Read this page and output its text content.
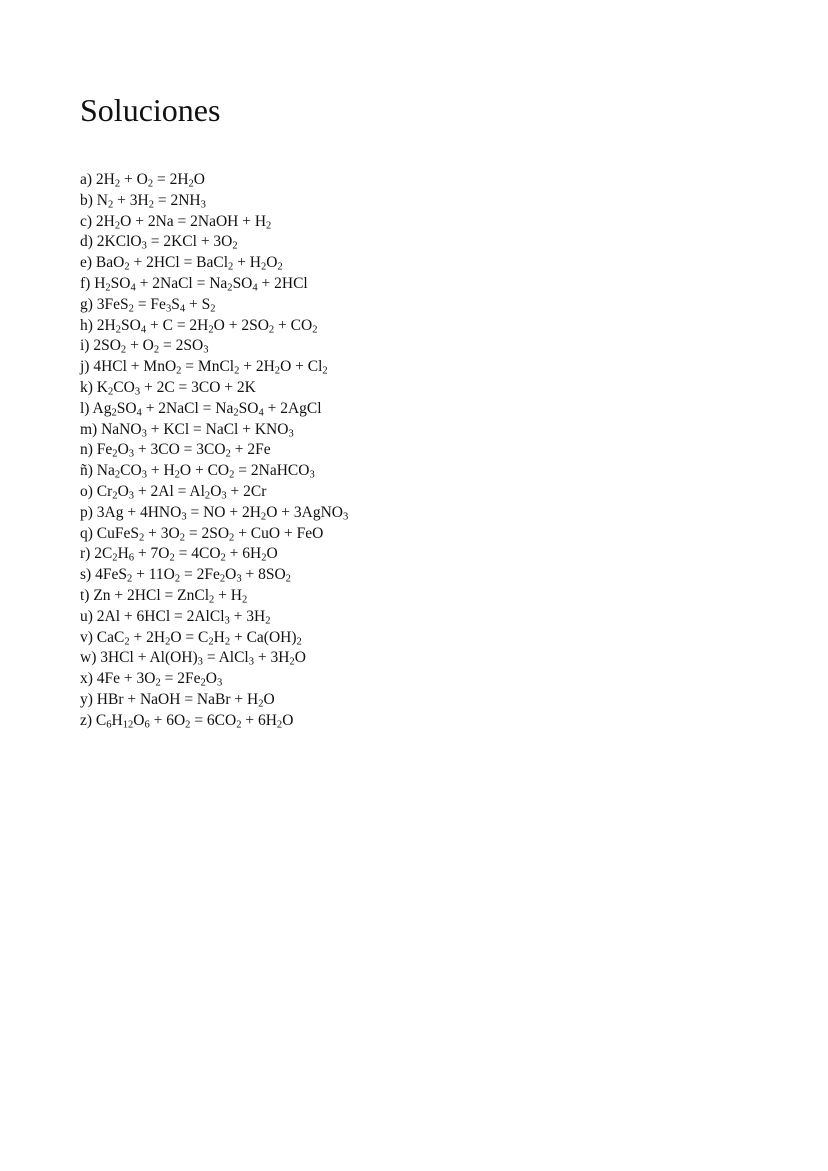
Soluciones
a) $2H_2 + O_2 = 2H_2O$
b) $N_2 + 3H_2 = 2NH_3$
c) $2H_2O + 2Na$ = 2NaOH + $H_2$
d) 2KClO$_3$ = $2KCl + 3O_2$
e) BaO$_2$ + 2HCl = BaCl$_2$ + $H_2O_2$
f) $H_2SO_4$ + 2NaCl = $Na_2SO_4 + 2HCl$
g) $3FeS_2 = Fe_3S_4 + S_2$
h) $2H_2SO_4 + C = 2H_2O + 2SO_2 + CO_2$
i) $2SO_2 + O_2 = 2SO_3$
j) 4HCl + MnO$_2$ = MnCl$_2$ + $2H_2O + Cl_2$
k) $K_2CO_3 + 2C = 3CO + 2K$
l) $Ag_2SO_4$ + 2NaCl = $Na_2SO_4$ + 2AgCl
m) NaNO$_3$ + KCl = NaCl + $KNO_3$
n) $Fe_2O_3 + 3CO = 3CO_2 + 2Fe$
ñ) $Na_2CO_3 + H_2O + CO_2$ = 2NaHCO$_3$
o) $Cr_2O_3 + 2Al = Al_2O_3 + 2Cr$
p) $3Ag + 4HNO_3$ = NO + $2H_2O$ + 3AgNO$_3$
q) CuFeS$_2$ + $3O_2 = 2SO_2$ + CuO + FeO
r) $2C_2H_6 + 7O_2 = 4CO_2 + 6H_2O$
s) $4FeS_2 + 11O_2 = 2Fe_2O_3 + 8SO_2$
t) Zn + 2HCl = ZnCl$_2$ + $H_2$
u) 2Al + 6HCl = 2AlCl$_3$ + $3H_2$
v) $CaC_2 + 2H_2O = C_2H_2 + Ca(OH)_2$
w) $3HCl + Al(OH)_3$ = AlCl$_3$ + $3H_2O$
x) $4Fe + 3O_2 = 2Fe_2O_3$
y) HBr + NaOH = NaBr + $H_2O$
z) $C_6H_{12}O_6 + 6O_2 = 6CO_2 + 6H_2O$
